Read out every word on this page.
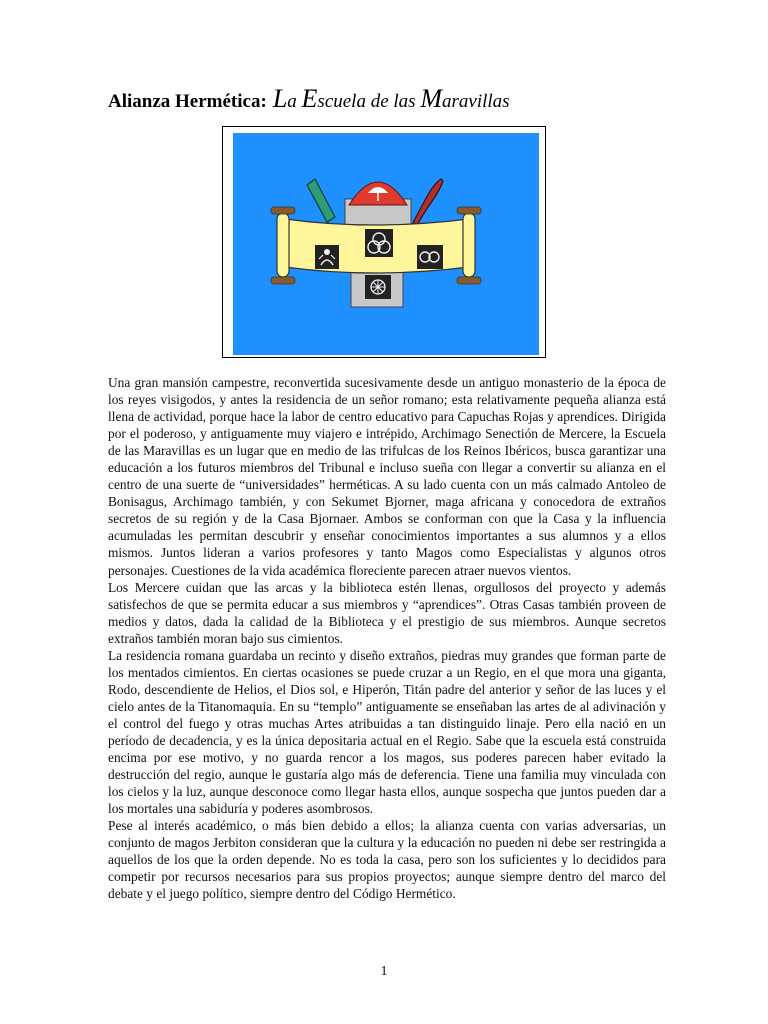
Alianza Hermética: La Escuela de las Maravillas

Una gran mansión campestre, reconvertida sucesivamente desde un antiguo monasterio de la época de los reyes visigodos, y antes la residencia de un señor romano; esta relativamente pequeña alianza está llena de actividad, porque hace la labor de centro educativo para Capuchas Rojas y aprendices. Dirigida por el poderoso, y antiguamente muy viajero e intrépido, Archimago Senectión de Mercere, la Escuela de las Maravillas es un lugar que en medio de las trifulcas de los Reinos Ibéricos, busca garantizar una educación a los futuros miembros del Tribunal e incluso sueña con llegar a convertir su alianza en el centro de una suerte de “universidades” herméticas. A su lado cuenta con un más calmado Antoleo de Bonisagus, Archimago también, y con Sekumet Bjorner, maga africana y conocedora de extraños secretos de su región y de la Casa Bjornaer. Ambos se conforman con que la Casa y la influencia acumuladas les permitan descubrir y enseñar conocimientos importantes a sus alumnos y a ellos mismos. Juntos lideran a varios profesores y tanto Magos como Especialistas y algunos otros personajes. Cuestiones de la vida académica floreciente parecen atraer nuevos vientos.

Los Mercere cuidan que las arcas y la biblioteca estén llenas, orgullosos del proyecto y además satisfechos de que se permita educar a sus miembros y “aprendices”. Otras Casas también proveen de medios y datos, dada la calidad de la Biblioteca y el prestigio de sus miembros. Aunque secretos extraños también moran bajo sus cimientos.

La residencia romana guardaba un recinto y diseño extraños, piedras muy grandes que forman parte de los mentados cimientos. En ciertas ocasiones se puede cruzar a un Regio, en el que mora una giganta, Rodo, descendiente de Helios, el Dios sol, e Hiperón, Titán padre del anterior y señor de las luces y el cielo antes de la Titanomaquia. En su “templo” antiguamente se enseñaban las artes de al adivinación y el control del fuego y otras muchas Artes atribuidas a tan distinguido linaje. Pero ella nació en un período de decadencia, y es la única depositaria actual en el Regio. Sabe que la escuela está construida encima por ese motivo, y no guarda rencor a los magos, sus poderes parecen haber evitado la destrucción del regio, aunque le gustaría algo más de deferencia. Tiene una familia muy vinculada con los cielos y la luz, aunque desconoce como llegar hasta ellos, aunque sospecha que juntos pueden dar a los mortales una sabiduría y poderes asombrosos.

Pese al interés académico, o más bien debido a ellos; la alianza cuenta con varias adversarias, un conjunto de magos Jerbiton consideran que la cultura y la educación no pueden ni debe ser restringida a aquellos de los que la orden depende. No es toda la casa, pero son los suficientes y lo decididos para competir por recursos necesarios para sus propios proyectos; aunque siempre dentro del marco del debate y el juego político, siempre dentro del Código Hermético.

1
